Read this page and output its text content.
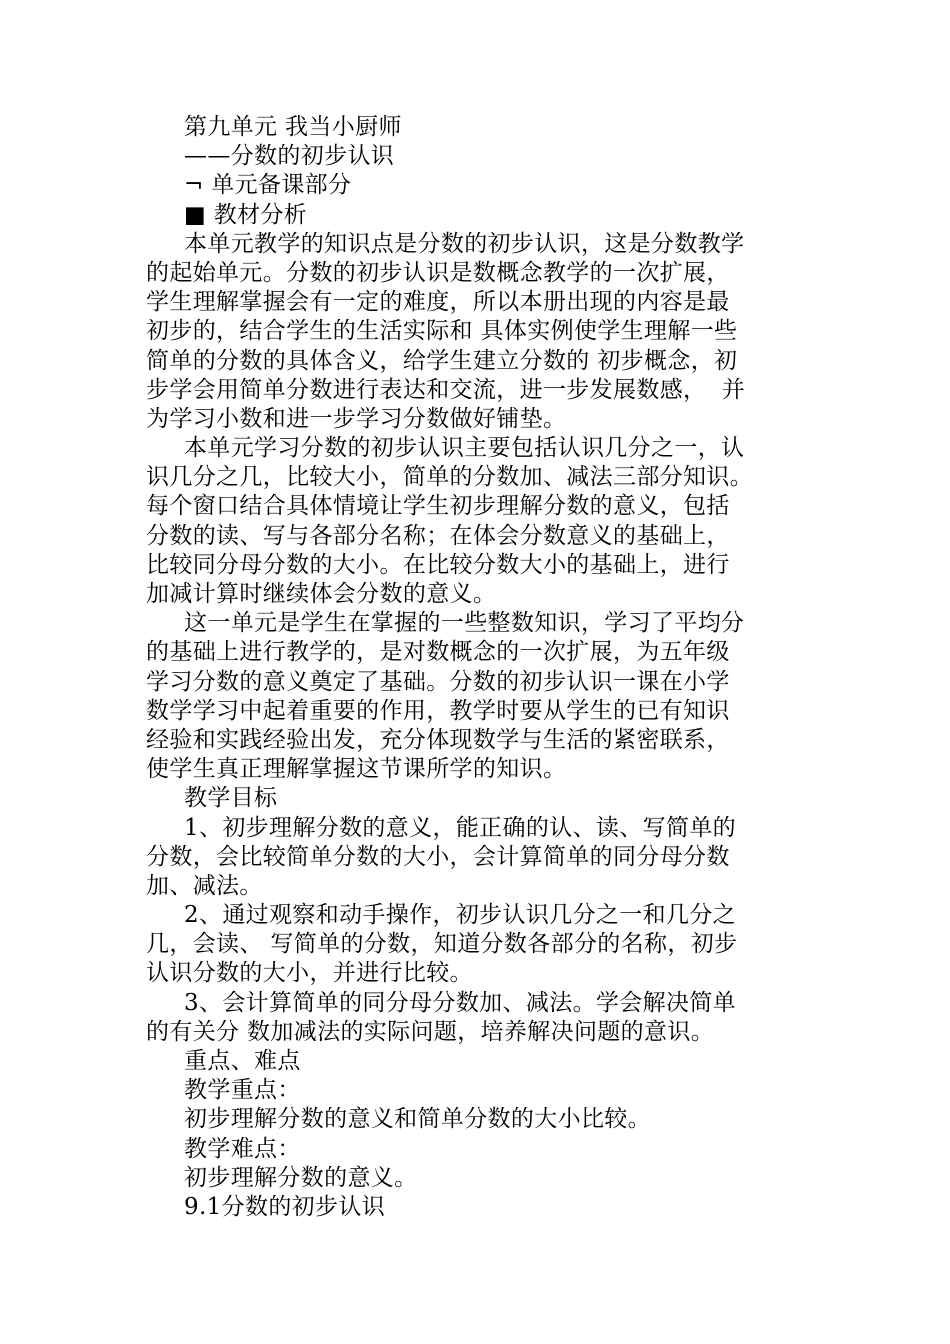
第九单元 我当小厨师
——分数的初步认识
¬ 单元备课部分
■ 教材分析
本单元教学的知识点是分数的初步认识，这是分数教学
的起始单元。分数的初步认识是数概念教学的一次扩展，
学生理解掌握会有一定的难度，所以本册出现的内容是最
初步的，结合学生的生活实际和 具体实例使学生理解一些
简单的分数的具体含义，给学生建立分数的 初步概念，初
步学会用简单分数进行表达和交流，进一步发展数感，  并
为学习小数和进一步学习分数做好铺垫。
本单元学习分数的初步认识主要包括认识几分之一，认
识几分之几，比较大小，简单的分数加、减法三部分知识。
每个窗口结合具体情境让学生初步理解分数的意义，包括
分数的读、写与各部分名称；在体会分数意义的基础上，
比较同分母分数的大小。在比较分数大小的基础上，进行
加减计算时继续体会分数的意义。
这一单元是学生在掌握的一些整数知识，学习了平均分
的基础上进行教学的，是对数概念的一次扩展，为五年级
学习分数的意义奠定了基础。分数的初步认识一课在小学
数学学习中起着重要的作用，教学时要从学生的已有知识
经验和实践经验出发，充分体现数学与生活的紧密联系，
使学生真正理解掌握这节课所学的知识。
教学目标
1、初步理解分数的意义，能正确的认、读、写简单的
分数，会比较简单分数的大小，会计算简单的同分母分数
加、减法。
2、通过观察和动手操作，初步认识几分之一和几分之
几，会读、 写简单的分数，知道分数各部分的名称，初步
认识分数的大小，并进行比较。
3、会计算简单的同分母分数加、减法。学会解决简单
的有关分 数加减法的实际问题，培养解决问题的意识。
重点、难点
教学重点：
初步理解分数的意义和简单分数的大小比较。
教学难点：
初步理解分数的意义。
9.1分数的初步认识
